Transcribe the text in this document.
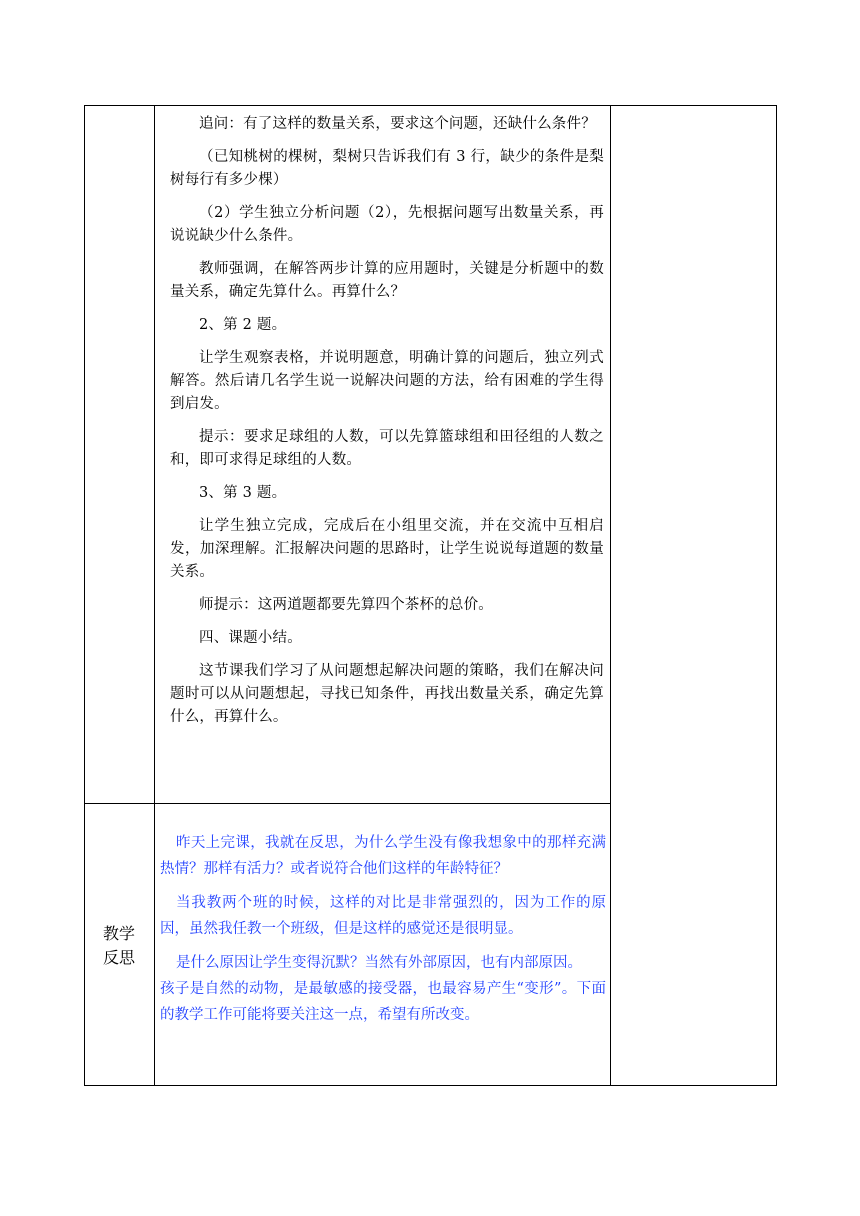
追问：有了这样的数量关系，要求这个问题，还缺什么条件？

（已知桃树的棵树，梨树只告诉我们有 3 行，缺少的条件是梨树每行有多少棵）

（2）学生独立分析问题（2），先根据问题写出数量关系，再说说缺少什么条件。

教师强调，在解答两步计算的应用题时，关键是分析题中的数量关系，确定先算什么。再算什么？

2、第 2 题。

让学生观察表格，并说明题意，明确计算的问题后，独立列式解答。然后请几名学生说一说解决问题的方法，给有困难的学生得到启发。

提示：要求足球组的人数，可以先算篮球组和田径组的人数之和，即可求得足球组的人数。

3、第 3 题。

让学生独立完成，完成后在小组里交流，并在交流中互相启发，加深理解。汇报解决问题的思路时，让学生说说每道题的数量关系。

师提示：这两道题都要先算四个茶杯的总价。

四、课题小结。

这节课我们学习了从问题想起解决问题的策略，我们在解决问题时可以从问题想起，寻找已知条件，再找出数量关系，确定先算什么，再算什么。

教学
反思

昨天上完课，我就在反思，为什么学生没有像我想象中的那样充满热情？那样有活力？或者说符合他们这样的年龄特征？

当我教两个班的时候，这样的对比是非常强烈的，因为工作的原因，虽然我任教一个班级，但是这样的感觉还是很明显。

是什么原因让学生变得沉默？当然有外部原因，也有内部原因。

孩子是自然的动物，是最敏感的接受器，也最容易产生“变形”。下面的教学工作可能将要关注这一点，希望有所改变。
